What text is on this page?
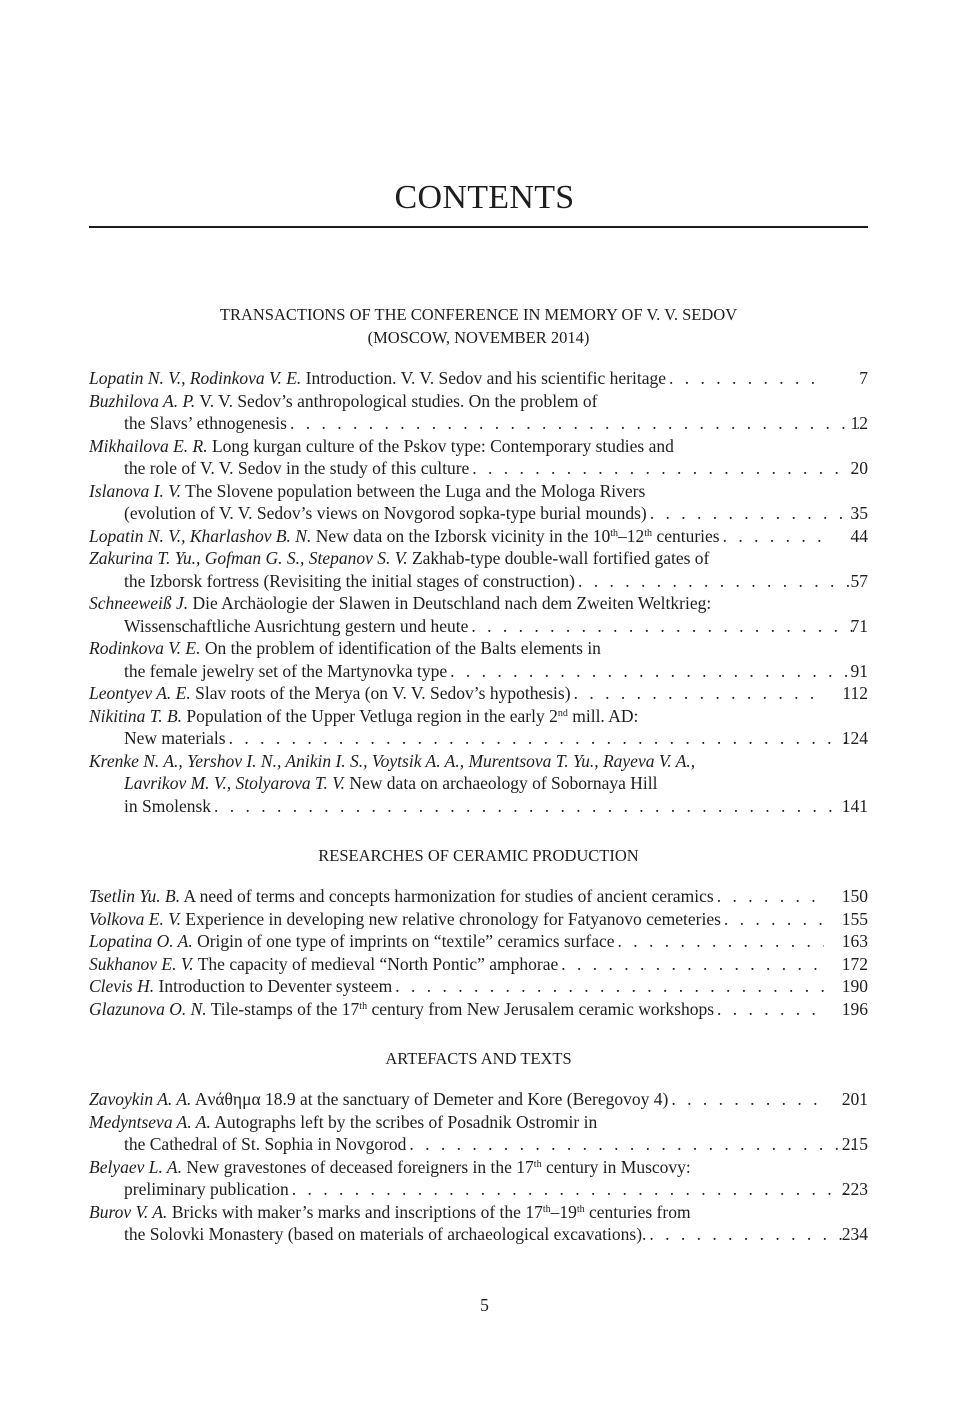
CONTENTS
TRANSACTIONS OF THE CONFERENCE IN MEMORY OF V. V. SEDOV
(MOSCOW, NOVEMBER 2014)
Lopatin N. V., Rodinkova V. E. Introduction. V. V. Sedov and his scientific heritage . . .	7
Buzhilova A. P. V. V. Sedov’s anthropological studies. On the problem of
the Slavs’ ethnogenesis . . .	12
Mikhailova E. R. Long kurgan culture of the Pskov type: Contemporary studies and
the role of V. V. Sedov in the study of this culture . . .	20
Islanova I. V. The Slovene population between the Luga and the Mologa Rivers
(evolution of V. V. Sedov’s views on Novgorod sopka-type burial mounds) . . .	35
Lopatin N. V., Kharlashov B. N. New data on the Izborsk vicinity in the 10th–12th centuries . . .	44
Zakurina T. Yu., Gofman G. S., Stepanov S. V. Zakhab-type double-wall fortified gates of
the Izborsk fortress (Revisiting the initial stages of construction) . . .	57
Schneeweiß J. Die Archäologie der Slawen in Deutschland nach dem Zweiten Weltkrieg:
Wissenschaftliche Ausrichtung gestern und heute . . .	71
Rodinkova V. E. On the problem of identification of the Balts elements in
the female jewelry set of the Martynovka type . . .	91
Leontyev A. E. Slav roots of the Merya (on V. V. Sedov’s hypothesis) . . .	112
Nikitina T. B. Population of the Upper Vetluga region in the early 2nd mill. AD:
New materials . . .	124
Krenke N. A., Yershov I. N., Anikin I. S., Voytsik A. A., Murentsova T. Yu., Rayeva V. A.,
Lavrikov M. V., Stolyarova T. V. New data on archaeology of Sobornaya Hill
in Smolensk . . .	141
RESEARCHES OF CERAMIC PRODUCTION
Tsetlin Yu. B. A need of terms and concepts harmonization for studies of ancient ceramics . . .	150
Volkova E. V. Experience in developing new relative chronology for Fatyanovo cemeteries . . .	155
Lopatina O. A. Origin of one type of imprints on “textile” ceramics surface . . .	163
Sukhanov E. V. The capacity of medieval “North Pontic” amphorae . . .	172
Clevis H. Introduction to Deventer systeem . . .	190
Glazunova O. N. Tile-stamps of the 17th century from New Jerusalem ceramic workshops . . .	196
ARTEFACTS AND TEXTS
Zavoykin A. A. Aνάθημα 18.9 at the sanctuary of Demeter and Kore (Beregovoy 4) . . .	201
Medyntseva A. A. Autographs left by the scribes of Posadnik Ostromir in
the Cathedral of St. Sophia in Novgorod . . .	215
Belyaev L. A. New gravestones of deceased foreigners in the 17th century in Muscovy:
preliminary publication . . .	223
Burov V. A. Bricks with maker’s marks and inscriptions of the 17th–19th centuries from
the Solovki Monastery (based on materials of archaeological excavations). . . .	234
5
